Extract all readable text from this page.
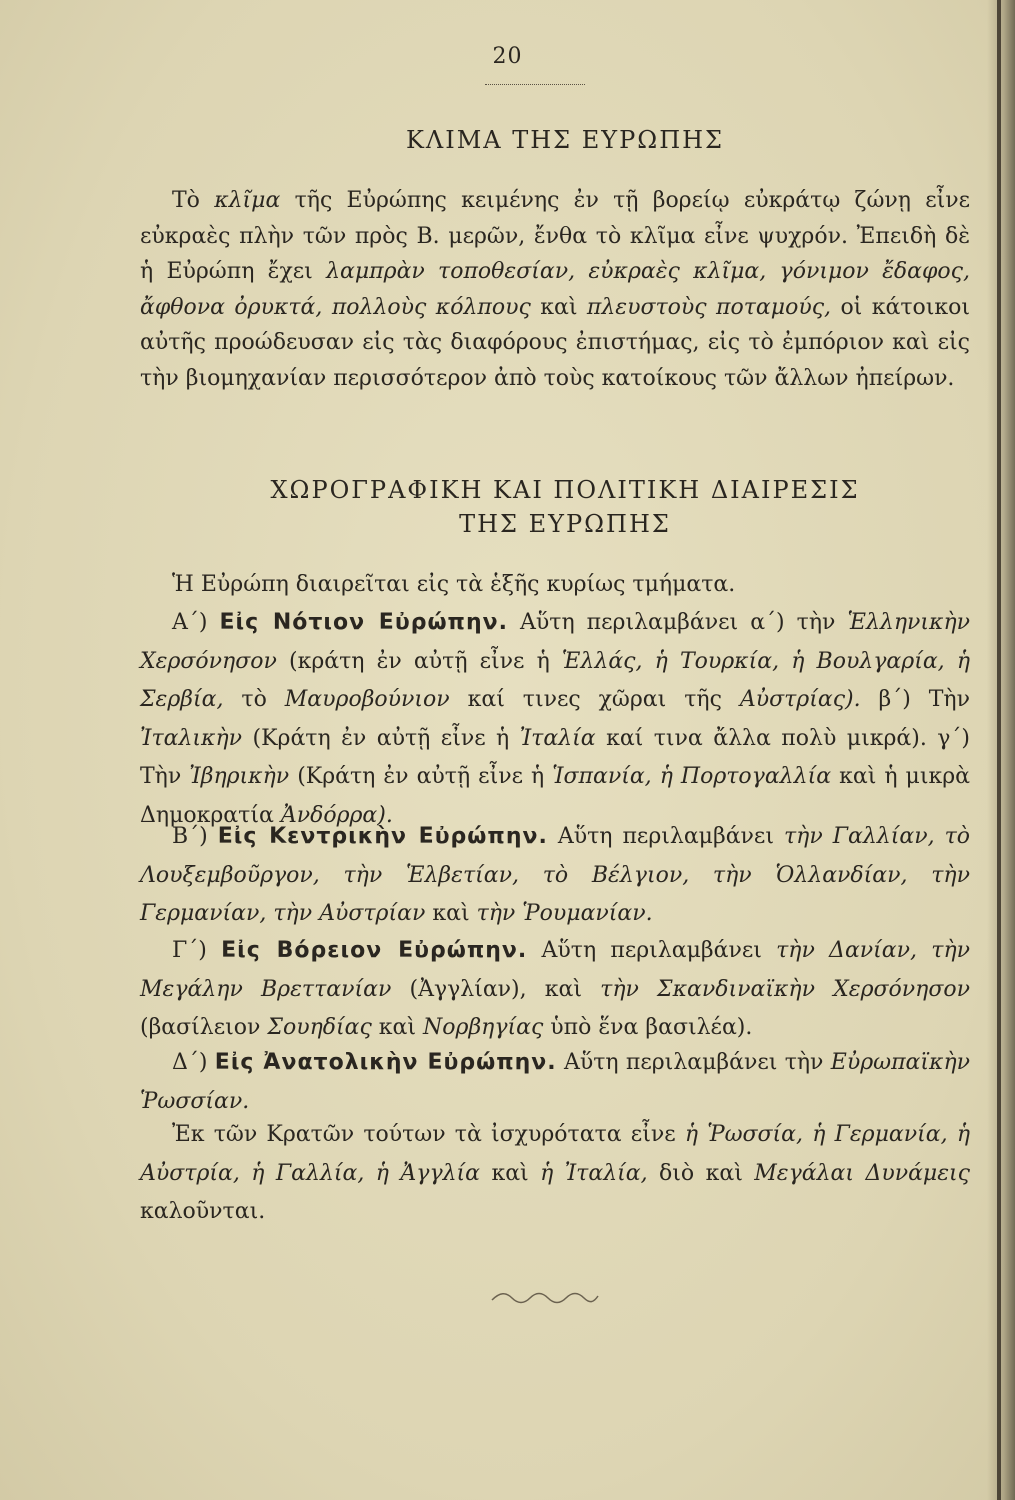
20
ΚΛΙΜΑ ΤΗΣ ΕΥΡΩΠΗΣ

Τὸ κλῖμα τῆς Εὐρώπης κειμένης ἐν τῇ βορείῳ εὐκράτῳ ζώνῃ εἶνε εὐκραὲς πλὴν τῶν πρὸς Β. μερῶν, ἔνθα τὸ κλῖμα εἶνε ψυχρόν. Ἐπειδὴ δὲ ἡ Εὐρώπη ἔχει λαμπρὰν τοποθεσίαν, εὐκραὲς κλῖμα, γόνιμον ἔδαφος, ἄφθονα ὀρυκτά, πολλοὺς κόλπους καὶ πλευστοὺς ποταμούς, οἱ κάτοικοι αὐτῆς προώδευσαν εἰς τὰς διαφόρους ἐπιστήμας, εἰς τὸ ἐμπόριον καὶ εἰς τὴν βιομηχανίαν περισσότερον ἀπὸ τοὺς κατοίκους τῶν ἄλλων ἠπείρων.

ΧΩΡΟΓΡΑΦΙΚΗ ΚΑΙ ΠΟΛΙΤΙΚΗ ΔΙΑΙΡΕΣΙΣ
ΤΗΣ ΕΥΡΩΠΗΣ

Ἡ Εὐρώπη διαιρεῖται εἰς τὰ ἑξῆς κυρίως τμήματα.

Α΄) Εἰς Νότιον Εὐρώπην. Αὕτη περιλαμβάνει α΄) τὴν Ἑλληνικὴν Χερσόνησον (κράτη ἐν αὐτῇ εἶνε ἡ Ἑλλάς, ἡ Τουρκία, ἡ Βουλγαρία, ἡ Σερβία, τὸ Μαυροβούνιον καί τινες χῶραι τῆς Αὐστρίας). β΄) Τὴν Ἰταλικὴν (Κράτη ἐν αὐτῇ εἶνε ἡ Ἰταλία καί τινα ἄλλα πολὺ μικρά). γ΄) Τὴν Ἰβηρικὴν (Κράτη ἐν αὐτῇ εἶνε ἡ Ἱσπανία, ἡ Πορτογαλλία καὶ ἡ μικρὰ Δημοκρατία Ἀνδόρρα).

Β΄) Εἰς Κεντρικὴν Εὐρώπην. Αὕτη περιλαμβάνει τὴν Γαλλίαν, τὸ Λουξεμβοῦργον, τὴν Ἑλβετίαν, τὸ Βέλγιον, τὴν Ὁλλανδίαν, τὴν Γερμανίαν, τὴν Αὐστρίαν καὶ τὴν Ῥουμανίαν.

Γ΄) Εἰς Βόρειον Εὐρώπην. Αὕτη περιλαμβάνει τὴν Δανίαν, τὴν Μεγάλην Βρεττανίαν (Ἀγγλίαν), καὶ τὴν Σκανδιναϊκὴν Χερσόνησον (βασίλειον Σουηδίας καὶ Νορβηγίας ὑπὸ ἕνα βασιλέα).

Δ΄) Εἰς Ἀνατολικὴν Εὐρώπην. Αὕτη περιλαμβάνει τὴν Εὐρωπαϊκὴν Ῥωσσίαν.

Ἐκ τῶν Κρατῶν τούτων τὰ ἰσχυρότατα εἶνε ἡ Ῥωσσία, ἡ Γερμανία, ἡ Αὐστρία, ἡ Γαλλία, ἡ Ἀγγλία καὶ ἡ Ἰταλία, διὸ καὶ Μεγάλαι Δυνάμεις καλοῦνται.
